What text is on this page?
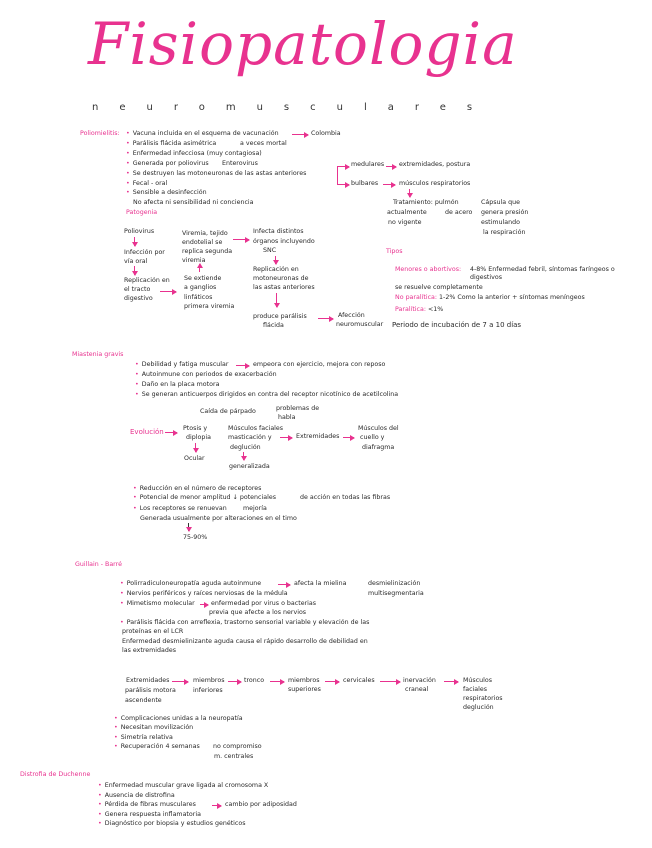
Fisiopatologia
neuromusculares
Poliomielitis:	• Vacuna incluida en el esquema de vacunación	Colombia
• Parálisis flácida asimétrica	a veces mortal
• Enfermedad infecciosa (muy contagiosa)
• Generada por poliovirus Enterovirus
• Se destruyen las motoneuronas de las astas anteriores
• Fecal - oral
• Sensible a desinfección
No afecta ni sensibilidad ni conciencia
medulares extremidades, postura
bulbares	músculos respiratorios
Tratamiento: pulmón
de acero
actualmente
no vigente
Cápsula que
genera presión
estimulando
la respiración
Patogenia
Poliovirus
Infección por
vía oral
Replicación en
el tracto
digestivo
Viremia, tejido
endotelial se
replica segunda
viremia
Se extiende
a ganglios
linfáticos
primera viremia
Infecta distintos
órganos incluyendo
SNC
Replicación en
motoneuronas de
las astas anteriores
produce parálisis
flácida
Afección
neuromuscular Periodo de incubación de 7 a 10 días
Tipos
Menores o abortivos: 4-8% Enfermedad febril, síntomas faríngeos o digestivos
se resuelve completamente
No paralítica: 1-2% Como la anterior + síntomas meníngeos
Paralítica: <1%
Miastenia gravis
• Debilidad y fatiga muscular	empeora con ejercicio, mejora con reposo
• Autoinmune con periodos de exacerbación
• Daño en la placa motora
• Se generan anticuerpos dirigidos en contra del receptor nicotínico de acetilcolina
Evolución	Ptosis y
diplopia
Caída de párpado
Ocular
Músculos faciales
masticación y
deglución
problemas de
habla
generalizada
Extremidades
Músculos del
cuello y
diafragma
• Reducción en el número de receptores
• Potencial de menor amplitud ↓ potenciales	de acción en todas las fibras
• Los receptores se renuevan	mejoría
Generada usualmente por alteraciones en el timo
75-90%
Guillain - Barré
• Polirradiculoneuropatía aguda autoinmune	afecta la mielina	desmielinización
multisegmentaria
• Nervios periféricos y raíces nerviosas de la médula
• Mimetismo molecular	enfermedad por virus o bacterias
previa que afecte a los nervios
• Parálisis flácida con arreflexia, trastorno sensorial variable y elevación de las
proteínas en el LCR
Enfermedad desmielinizante aguda causa el rápido desarrollo de debilidad en
las extremidades
Extremidades
parálisis motora
ascendente
miembros
inferiores
tronco	miembros
superiores
cervicales	inervación
craneal
Músculos
faciales
respiratorios
deglución
• Complicaciones unidas a la neuropatía
• Necesitan movilización
• Simetría relativa
• Recuperación 4 semanas no compromiso
m. centrales
Distrofia de Duchenne
• Enfermedad muscular grave ligada al cromosoma X
• Ausencia de distrofina
• Pérdida de fibras musculares	cambio por adiposidad
• Genera respuesta inflamatoria
• Diagnóstico por biopsia y estudios genéticos
